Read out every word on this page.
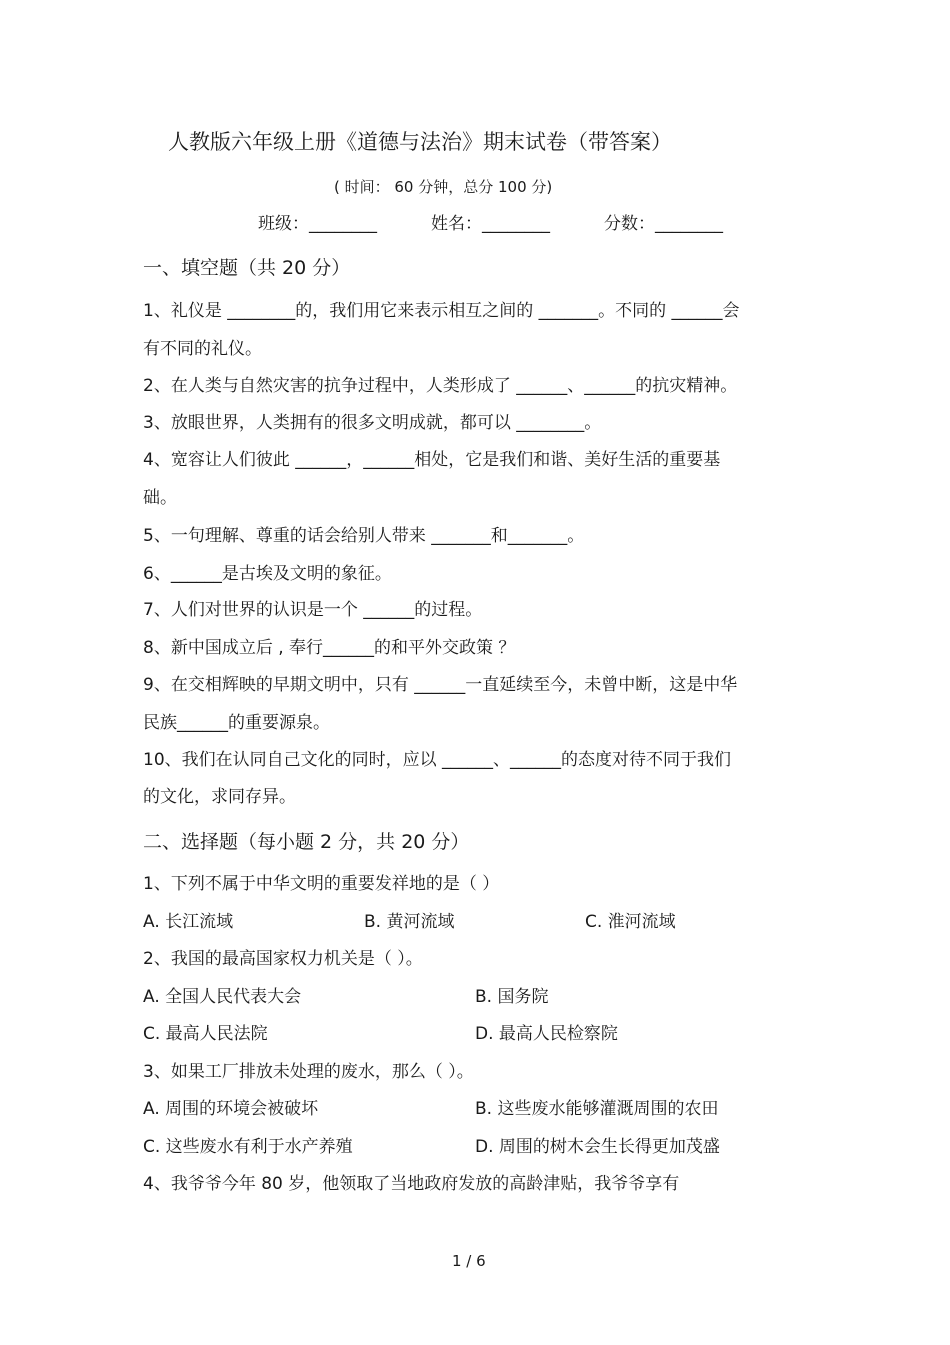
人教版六年级上册《道德与法治》期末试卷（带答案）
( 时间： 60 分钟，总分 100 分)
班级：________	姓名：________	分数：________
一、填空题（共 20 分）
1、礼仪是 ________的，我们用它来表示相互之间的 _______。不同的 ______会
有不同的礼仪。
2、在人类与自然灾害的抗争过程中，人类形成了 ______、______的抗灾精神。
3、放眼世界，人类拥有的很多文明成就，都可以 ________。
4、宽容让人们彼此 ______，______相处，它是我们和谐、美好生活的重要基
础。
5、一句理解、尊重的话会给别人带来 _______和_______。
6、______是古埃及文明的象征。
7、人们对世界的认识是一个 ______的过程。
8、新中国成立后 , 奉行______的和平外交政策 ？
9、在交相辉映的早期文明中，只有 ______一直延续至今，未曾中断，这是中华
民族______的重要源泉。
10、我们在认同自己文化的同时，应以 ______、______的态度对待不同于我们
的文化，求同存异。
二、选择题（每小题 2 分，共 20 分）
1、下列不属于中华文明的重要发祥地的是（ ）
A. 长江流域	B. 黄河流域	C. 淮河流域
2、我国的最高国家权力机关是（ ）。
A. 全国人民代表大会	B. 国务院
C. 最高人民法院	D. 最高人民检察院
3、如果工厂排放未处理的废水，那么（ ）。
A. 周围的环境会被破坏	B. 这些废水能够灌溉周围的农田
C. 这些废水有利于水产养殖	D. 周围的树木会生长得更加茂盛
4、我爷爷今年 80 岁，他领取了当地政府发放的高龄津贴，我爷爷享有
1 / 6
